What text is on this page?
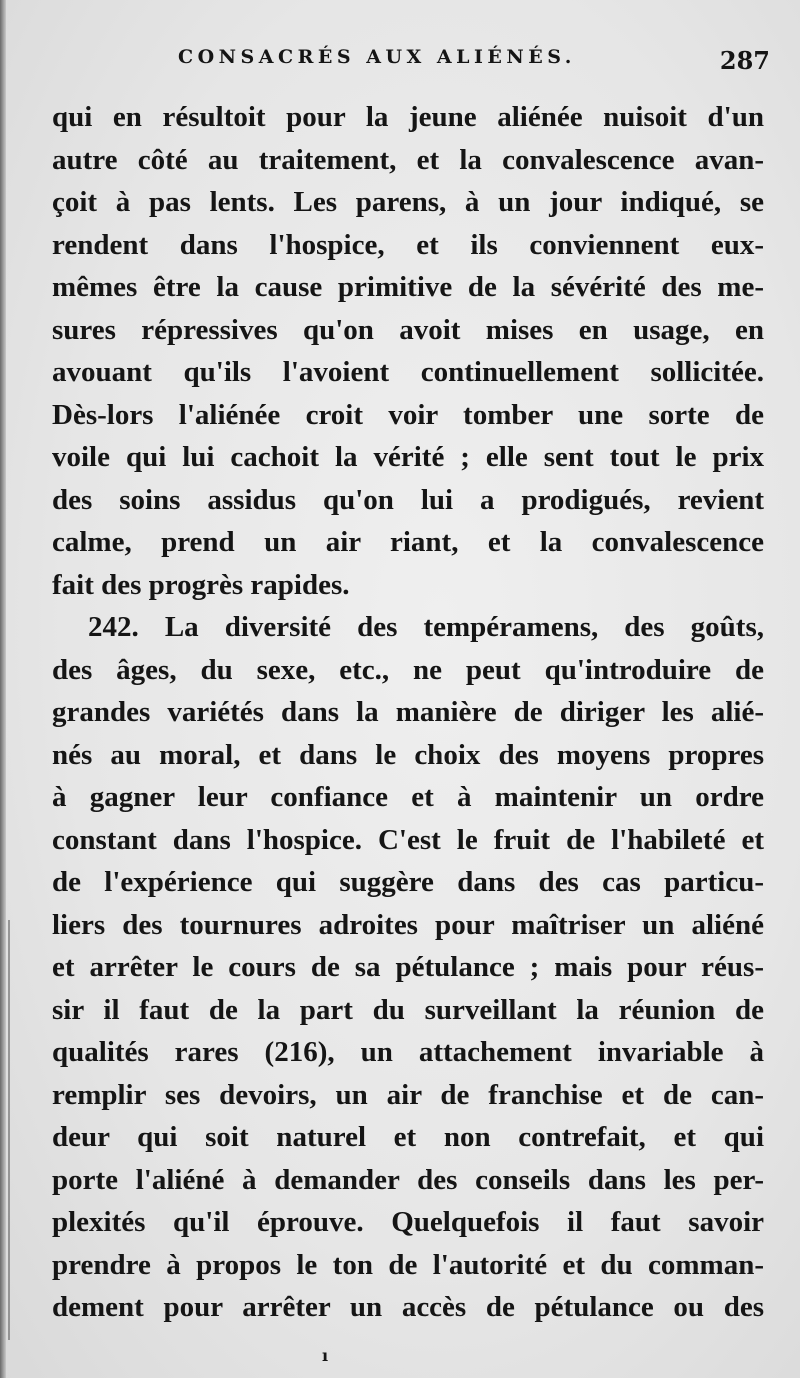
CONSACRÉS AUX ALIÉNÉS.	287
qui en résultoit pour la jeune aliénée nuisoit d'un
autre côté au traitement, et la convalescence avan-
çoit à pas lents. Les parens, à un jour indiqué, se
rendent dans l'hospice, et ils conviennent eux-
mêmes être la cause primitive de la sévérité des me-
sures répressives qu'on avoit mises en usage, en
avouant qu'ils l'avoient continuellement sollicitée.
Dès-lors l'aliénée croit voir tomber une sorte de
voile qui lui cachoit la vérité ; elle sent tout le prix
des soins assidus qu'on lui a prodigués, revient
calme, prend un air riant, et la convalescence
fait des progrès rapides.
242. La diversité des tempéramens, des goûts,
des âges, du sexe, etc., ne peut qu'introduire de
grandes variétés dans la manière de diriger les alié-
nés au moral, et dans le choix des moyens propres
à gagner leur confiance et à maintenir un ordre
constant dans l'hospice. C'est le fruit de l'habileté et
de l'expérience qui suggère dans des cas particu-
liers des tournures adroites pour maîtriser un aliéné
et arrêter le cours de sa pétulance ; mais pour réus-
sir il faut de la part du surveillant la réunion de
qualités rares (216), un attachement invariable à
remplir ses devoirs, un air de franchise et de can-
deur qui soit naturel et non contrefait, et qui
porte l'aliéné à demander des conseils dans les per-
plexités qu'il éprouve. Quelquefois il faut savoir
prendre à propos le ton de l'autorité et du comman-
dement pour arrêter un accès de pétulance ou des
ı
